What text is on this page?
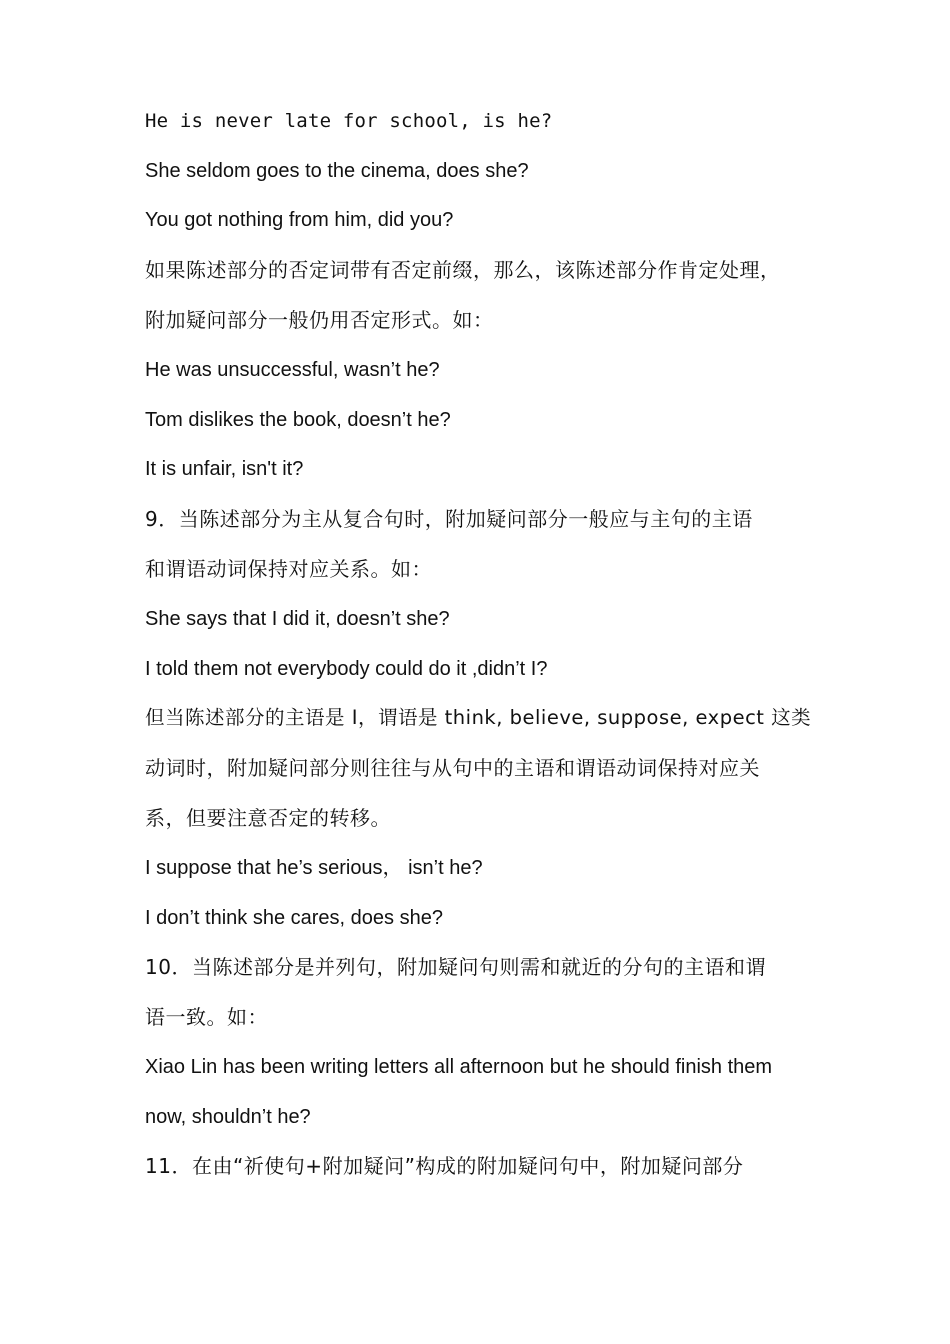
He is never late for school, is he?
She seldom goes to the cinema, does she?
You got nothing from him, did you?
如果陈述部分的否定词带有否定前缀，那么，该陈述部分作肯定处理，
附加疑问部分一般仍用否定形式。如：
He was unsuccessful, wasn’t he?
Tom dislikes the book, doesn’t he?
It is unfair, isn't it?
9．当陈述部分为主从复合句时，附加疑问部分一般应与主句的主语
和谓语动词保持对应关系。如：
She says that I did it, doesn’t she?
I told them not everybody could do it ,didn’t I?
但当陈述部分的主语是 I，谓语是 think, believe, suppose, expect 这类
动词时，附加疑问部分则往往与从句中的主语和谓语动词保持对应关
系，但要注意否定的转移。
I suppose that he’s serious， isn’t he?
I don’t think she cares, does she?
10．当陈述部分是并列句，附加疑问句则需和就近的分句的主语和谓
语一致。如：
Xiao Lin has been writing letters all afternoon but he should finish them
now, shouldn’t he?
11．在由“祈使句+附加疑问”构成的附加疑问句中，附加疑问部分
